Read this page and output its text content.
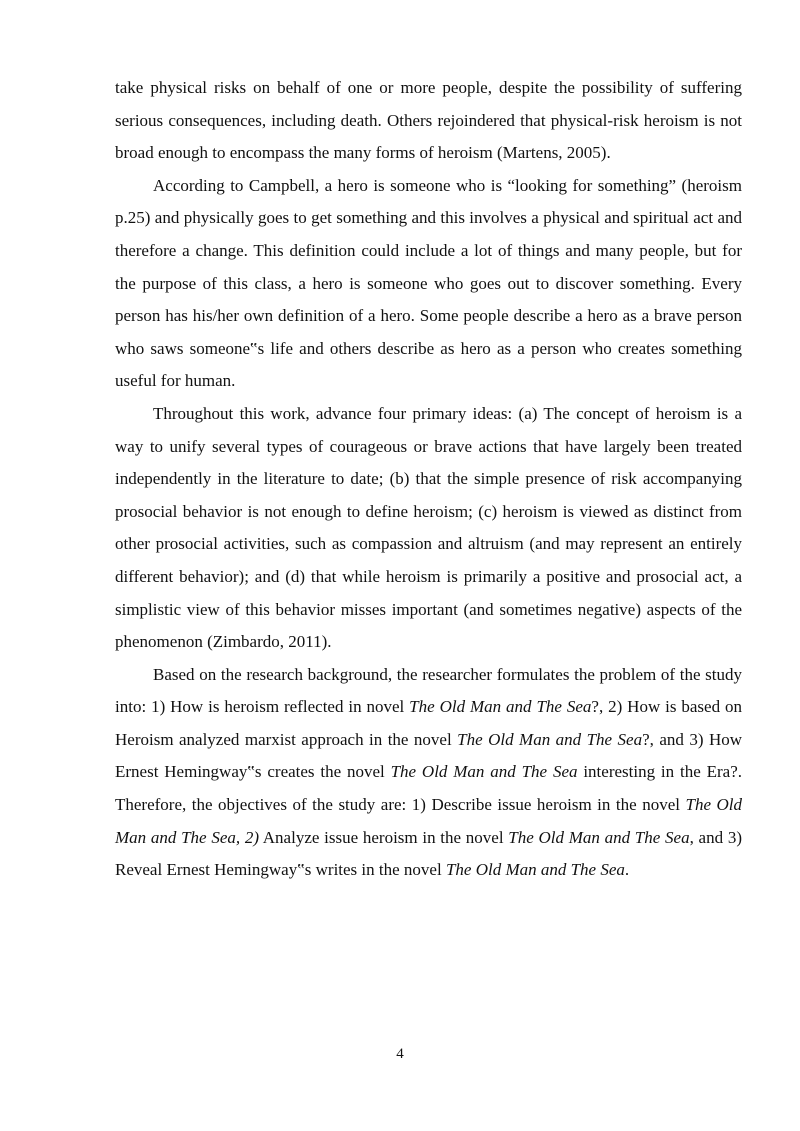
take physical risks on behalf of one or more people, despite the possibility of suffering serious consequences, including death. Others rejoindered that physical-risk heroism is not broad enough to encompass the many forms of heroism (Martens, 2005).

According to Campbell, a hero is someone who is “looking for something” (heroism p.25) and physically goes to get something and this involves a physical and spiritual act and therefore a change. This definition could include a lot of things and many people, but for the purpose of this class, a hero is someone who goes out to discover something. Every person has his/her own definition of a hero. Some people describe a hero as a brave person who saws someone‟s life and others describe as hero as a person who creates something useful for human.

Throughout this work, advance four primary ideas: (a) The concept of heroism is a way to unify several types of courageous or brave actions that have largely been treated independently in the literature to date; (b) that the simple presence of risk accompanying prosocial behavior is not enough to define heroism; (c) heroism is viewed as distinct from other prosocial activities, such as compassion and altruism (and may represent an entirely different behavior); and (d) that while heroism is primarily a positive and prosocial act, a simplistic view of this behavior misses important (and sometimes negative) aspects of the phenomenon (Zimbardo, 2011).

Based on the research background, the researcher formulates the problem of the study into: 1) How is heroism reflected in novel The Old Man and The Sea?, 2) How is based on Heroism analyzed marxist approach in the novel The Old Man and The Sea?, and 3) How Ernest Hemingway‟s creates the novel The Old Man and The Sea interesting in the Era?. Therefore, the objectives of the study are: 1) Describe issue heroism in the novel The Old Man and The Sea, 2) Analyze issue heroism in the novel The Old Man and The Sea, and 3) Reveal Ernest Hemingway‟s writes in the novel The Old Man and The Sea.

4
